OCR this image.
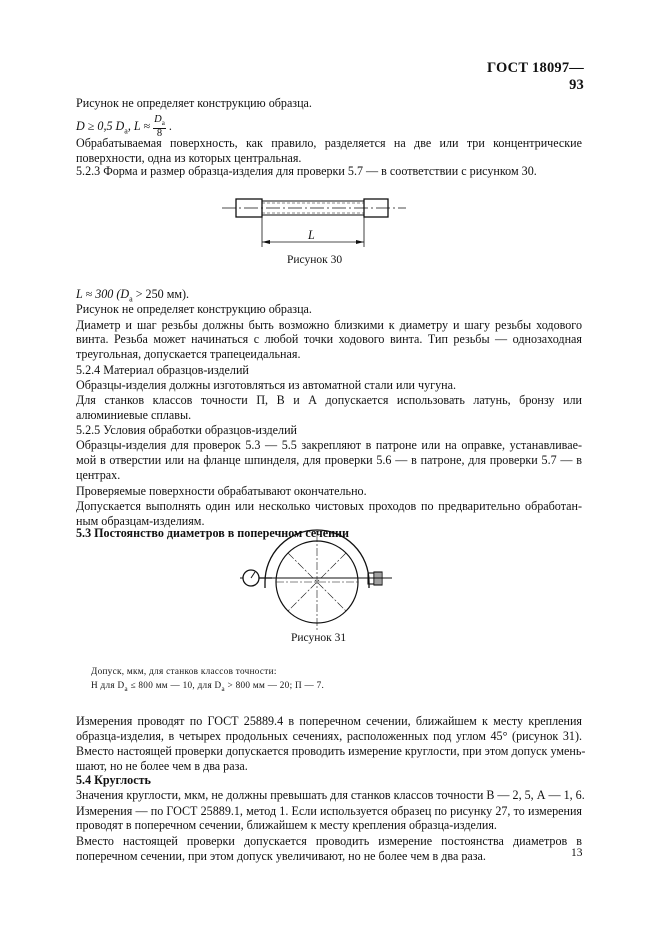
ГОСТ 18097—93
Рисунок не определяет конструкцию образца.
D ≥ 0,5 $D_a$, $L \approx \frac{D_a}{8}$ .
Обрабатываемая поверхность, как правило, разделяется на две или три концентрические
поверхности, одна из которых центральная.
5.2.3 Форма и размер образца-изделия для проверки 5.7 — в соответствии с рисунком 30.
L
Рисунок 30
L ≈ 300 ($D_a > 250$ мм).
Рисунок не определяет конструкцию образца.
Диаметр и шаг резьбы должны быть возможно близкими к диаметру и шагу резьбы ходового
винта. Резьба может начинаться с любой точки ходового винта. Тип резьбы — однозаходная
треугольная, допускается трапецеидальная.
5.2.4 Материал образцов-изделий
Образцы-изделия должны изготовляться из автоматной стали или чугуна.
Для станков классов точности П, В и А допускается использовать латунь, бронзу или
алюминиевые сплавы.
5.2.5 Условия обработки образцов-изделий
Образцы-изделия для проверок 5.3 — 5.5 закрепляют в патроне или на оправке, устанавливае-
мой в отверстии или на фланце шпинделя, для проверки 5.6 — в патроне, для проверки 5.7 — в
центрах.
Проверяемые поверхности обрабатывают окончательно.
Допускается выполнять один или несколько чистовых проходов по предварительно обработан-
ным образцам-изделиям.
5.3 Постоянство диаметров в поперечном сечении
Рисунок 31
Допуск, мкм, для станков классов точности:
Н для $D_a \le 800$ мм — 10, для $D_a > 800$ мм — 20; П — 7.
Измерения проводят по ГОСТ 25889.4 в поперечном сечении, ближайшем к месту крепления
образца-изделия, в четырех продольных сечениях, расположенных под углом 45° (рисунок 31).
Вместо настоящей проверки допускается проводить измерение круглости, при этом допуск умень-
шают, но не более чем в два раза.
5.4 Круглость
Значения круглости, мкм, не должны превышать для станков классов точности В — 2, 5, А — 1, 6.
Измерения — по ГОСТ 25889.1, метод 1. Если используется образец по рисунку 27, то измерения
проводят в поперечном сечении, ближайшем к месту крепления образца-изделия.
Вместо настоящей проверки допускается проводить измерение постоянства диаметров в
поперечном сечении, при этом допуск увеличивают, но не более чем в два раза.	13
